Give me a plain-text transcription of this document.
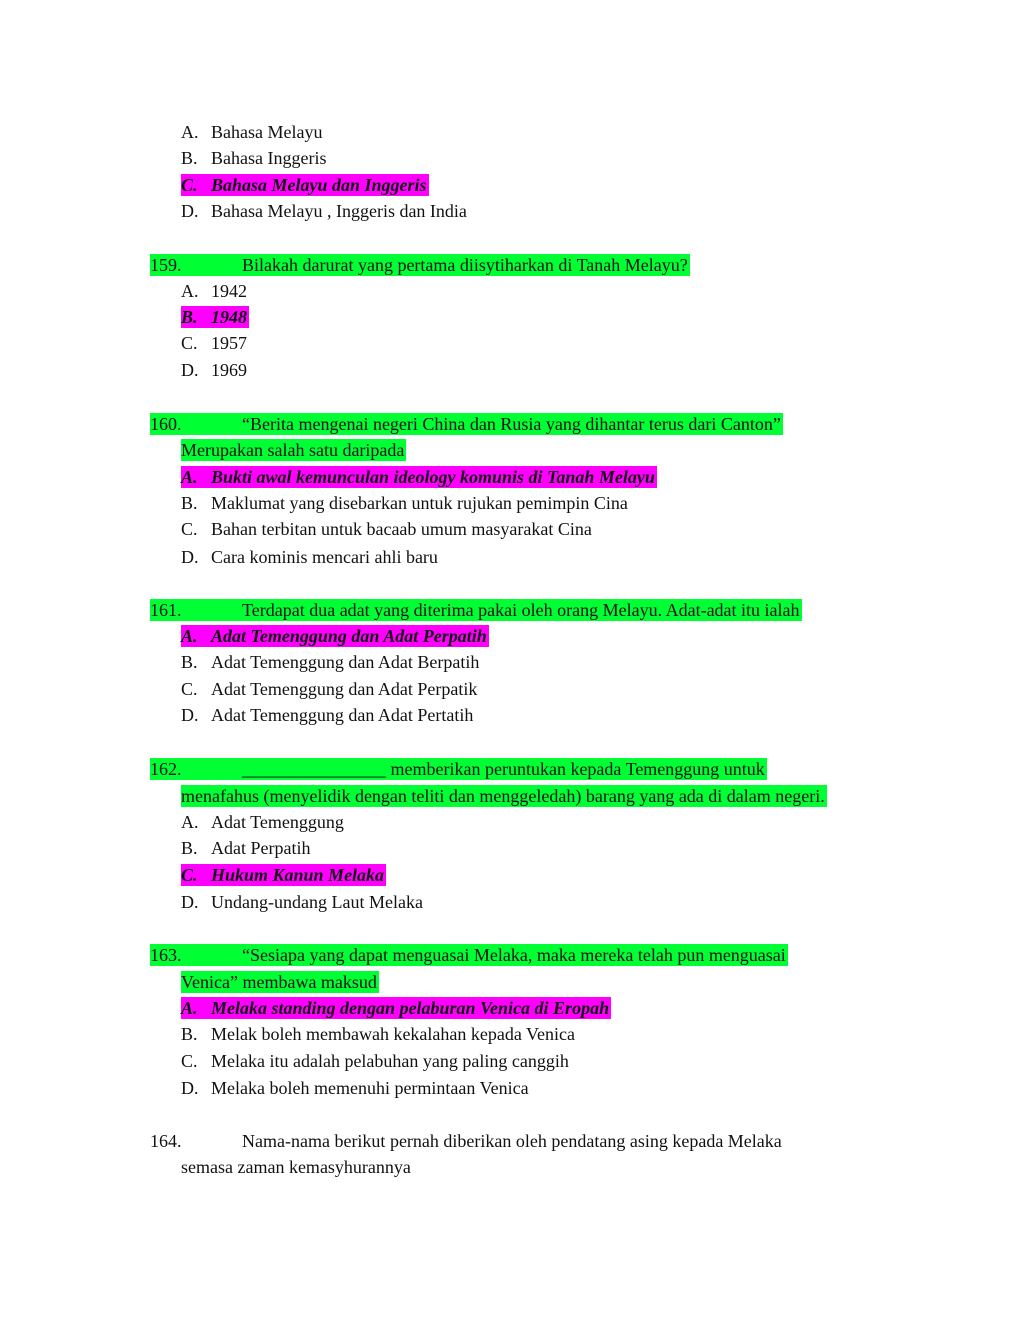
A. Bahasa Melayu
B. Bahasa Inggeris
C. Bahasa Melayu dan Inggeris
D. Bahasa Melayu , Inggeris dan India
159.	Bilakah darurat yang pertama diisytiharkan di Tanah Melayu?
A. 1942
B. 1948
C. 1957
D. 1969
160.	“Berita mengenai negeri China dan Rusia yang dihantar terus dari Canton”
Merupakan salah satu daripada
A. Bukti awal kemunculan ideology komunis di Tanah Melayu
B. Maklumat yang disebarkan untuk rujukan pemimpin Cina
C. Bahan terbitan untuk bacaab umum masyarakat Cina
D. Cara kominis mencari ahli baru
161.	Terdapat dua adat yang diterima pakai oleh orang Melayu. Adat-adat itu ialah
A. Adat Temenggung dan Adat Perpatih
B. Adat Temenggung dan Adat Berpatih
C. Adat Temenggung dan Adat Perpatik
D. Adat Temenggung dan Adat Pertatih
162.	________________ memberikan peruntukan kepada Temenggung untuk
menafahus (menyelidik dengan teliti dan menggeledah) barang yang ada di dalam negeri.
A. Adat Temenggung
B. Adat Perpatih
C. Hukum Kanun Melaka
D. Undang-undang Laut Melaka
163.	“Sesiapa yang dapat menguasai Melaka, maka mereka telah pun menguasai
Venica” membawa maksud
A. Melaka standing dengan pelaburan Venica di Eropah
B. Melak boleh membawah kekalahan kepada Venica
C. Melaka itu adalah pelabuhan yang paling canggih
D. Melaka boleh memenuhi permintaan Venica
164.	Nama-nama berikut pernah diberikan oleh pendatang asing kepada Melaka
semasa zaman kemasyhurannya
